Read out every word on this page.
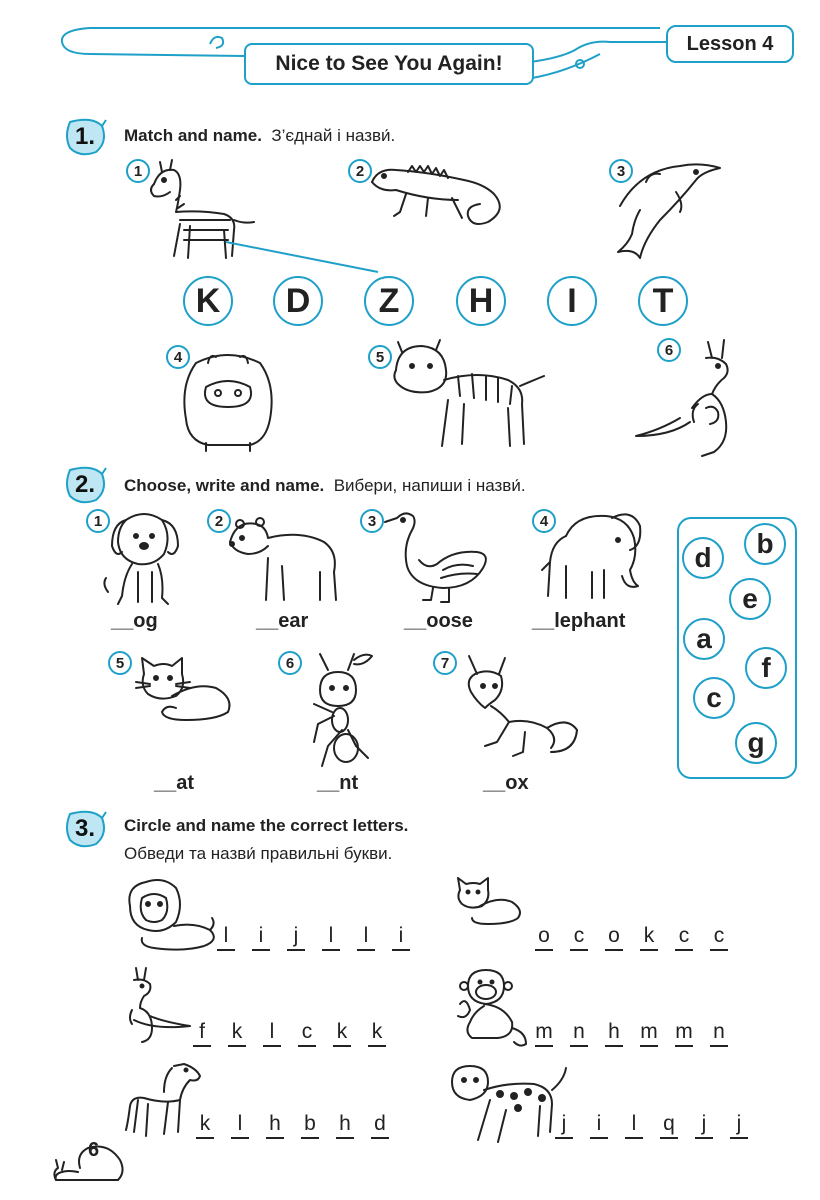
Lesson 4
Nice to See You Again!
1.	Match and name. З’єднай і назви́.
1	2	3
4	5	6
K	D	Z	H	I	T
2.	Choose, write and name. Вибери, напиши і назви́.
1	2	3	4
5	6	7
__og	__ear	__oose	__lephant
__at	__nt	__ox
d	b
e
a
f
c
g
3.	Circle and name the correct letters.
Обведи та назви́ правильні букви.
l	i	j	l	l	i	o c o k c c
f k	l	c k k	m n h m m n
k	l	h b h d	j	i	l	q	j	j
6
